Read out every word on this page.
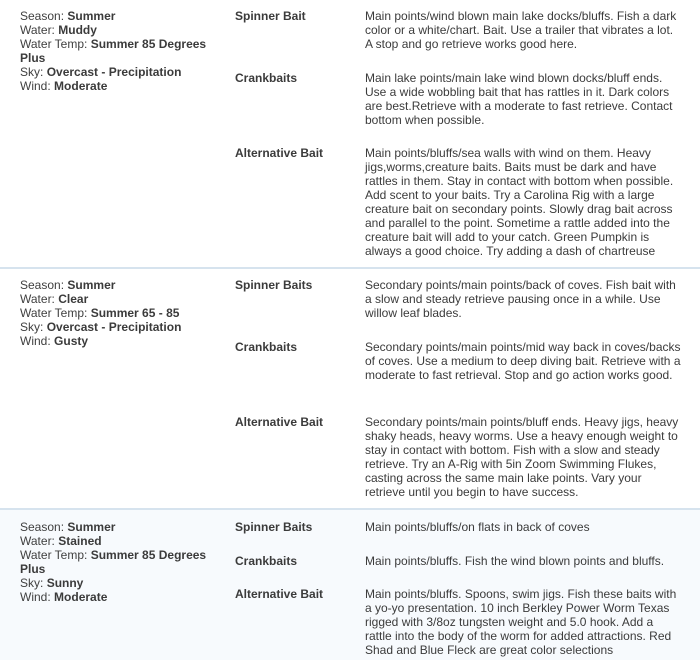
Season: Summer
Water: Muddy
Water Temp: Summer 85 Degrees Plus
Sky: Overcast - Precipitation
Wind: Moderate
Spinner Bait	Main points/wind blown main lake docks/bluffs. Fish a dark color or a white/chart. Bait. Use a trailer that vibrates a lot. A stop and go retrieve works good here.
Crankbaits	Main lake points/main lake wind blown docks/bluff ends. Use a wide wobbling bait that has rattles in it. Dark colors are best.Retrieve with a moderate to fast retrieve. Contact bottom when possible.
Alternative Bait	Main points/bluffs/sea walls with wind on them. Heavy jigs,worms,creature baits. Baits must be dark and have rattles in them. Stay in contact with bottom when possible. Add scent to your baits. Try a Carolina Rig with a large creature bait on secondary points. Slowly drag bait across and parallel to the point. Sometime a rattle added into the creature bait will add to your catch. Green Pumpkin is always a good choice. Try adding a dash of chartreuse
Season: Summer
Water: Clear
Water Temp: Summer 65 - 85
Sky: Overcast - Precipitation
Wind: Gusty
Spinner Baits	Secondary points/main points/back of coves. Fish bait with a slow and steady retrieve pausing once in a while. Use willow leaf blades.
Crankbaits	Secondary points/main points/mid way back in coves/backs of coves. Use a medium to deep diving bait. Retrieve with a moderate to fast retrieval. Stop and go action works good.
Alternative Bait	Secondary points/main points/bluff ends. Heavy jigs, heavy shaky heads, heavy worms. Use a heavy enough weight to stay in contact with bottom. Fish with a slow and steady retrieve. Try an A-Rig with 5in Zoom Swimming Flukes, casting across the same main lake points. Vary your retrieve until you begin to have success.
Season: Summer
Water: Stained
Water Temp: Summer 85 Degrees Plus
Sky: Sunny
Wind: Moderate
Spinner Baits	Main points/bluffs/on flats in back of coves
Crankbaits	Main points/bluffs. Fish the wind blown points and bluffs.
Alternative Bait	Main points/bluffs. Spoons, swim jigs. Fish these baits with a yo-yo presentation. 10 inch Berkley Power Worm Texas rigged with 3/8oz tungsten weight and 5.0 hook. Add a rattle into the body of the worm for added attractions. Red Shad and Blue Fleck are great color selections
